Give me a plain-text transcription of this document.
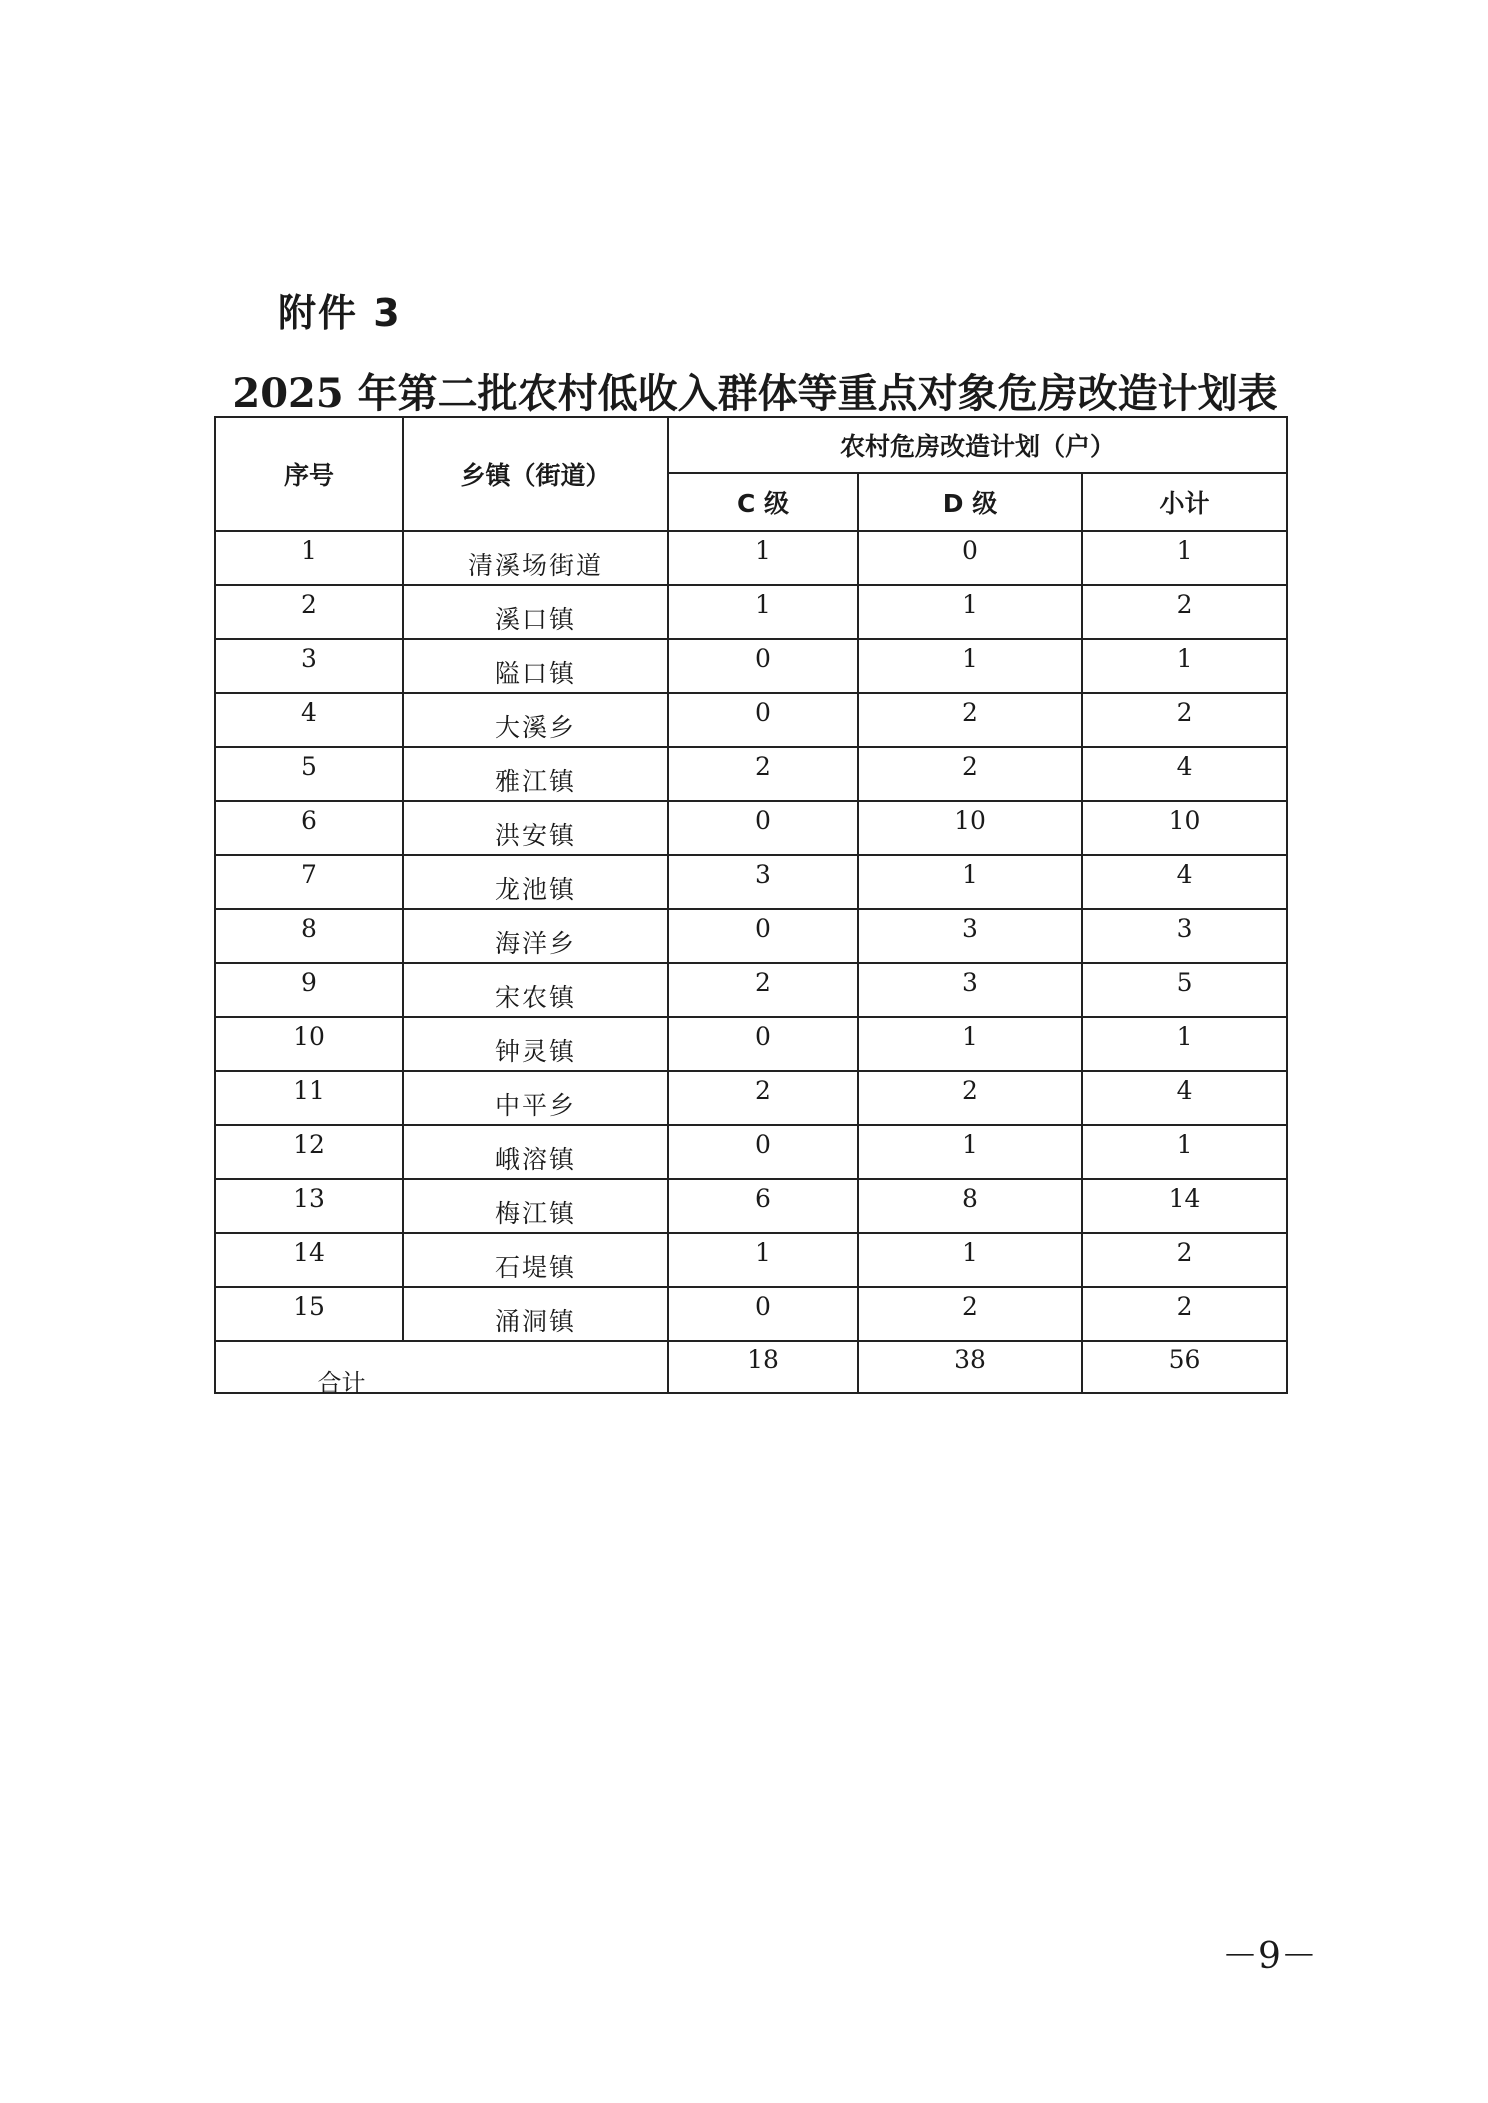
附件 3
2025 年第二批农村低收入群体等重点对象危房改造计划表
序号	乡镇（街道）	农村危房改造计划（户）		
		C 级	D 级	小计
1	清溪场街道	1	0	1
2	溪口镇	1	1	2
3	隘口镇	0	1	1
4	大溪乡	0	2	2
5	雅江镇	2	2	4
6	洪安镇	0	10	10
7	龙池镇	3	1	4
8	海洋乡	0	3	3
9	宋农镇	2	3	5
10	钟灵镇	0	1	1
11	中平乡	2	2	4
12	峨溶镇	0	1	1
13	梅江镇	6	8	14
14	石堤镇	1	1	2
15	涌洞镇	0	2	2
合计		18	38	56
－9－
